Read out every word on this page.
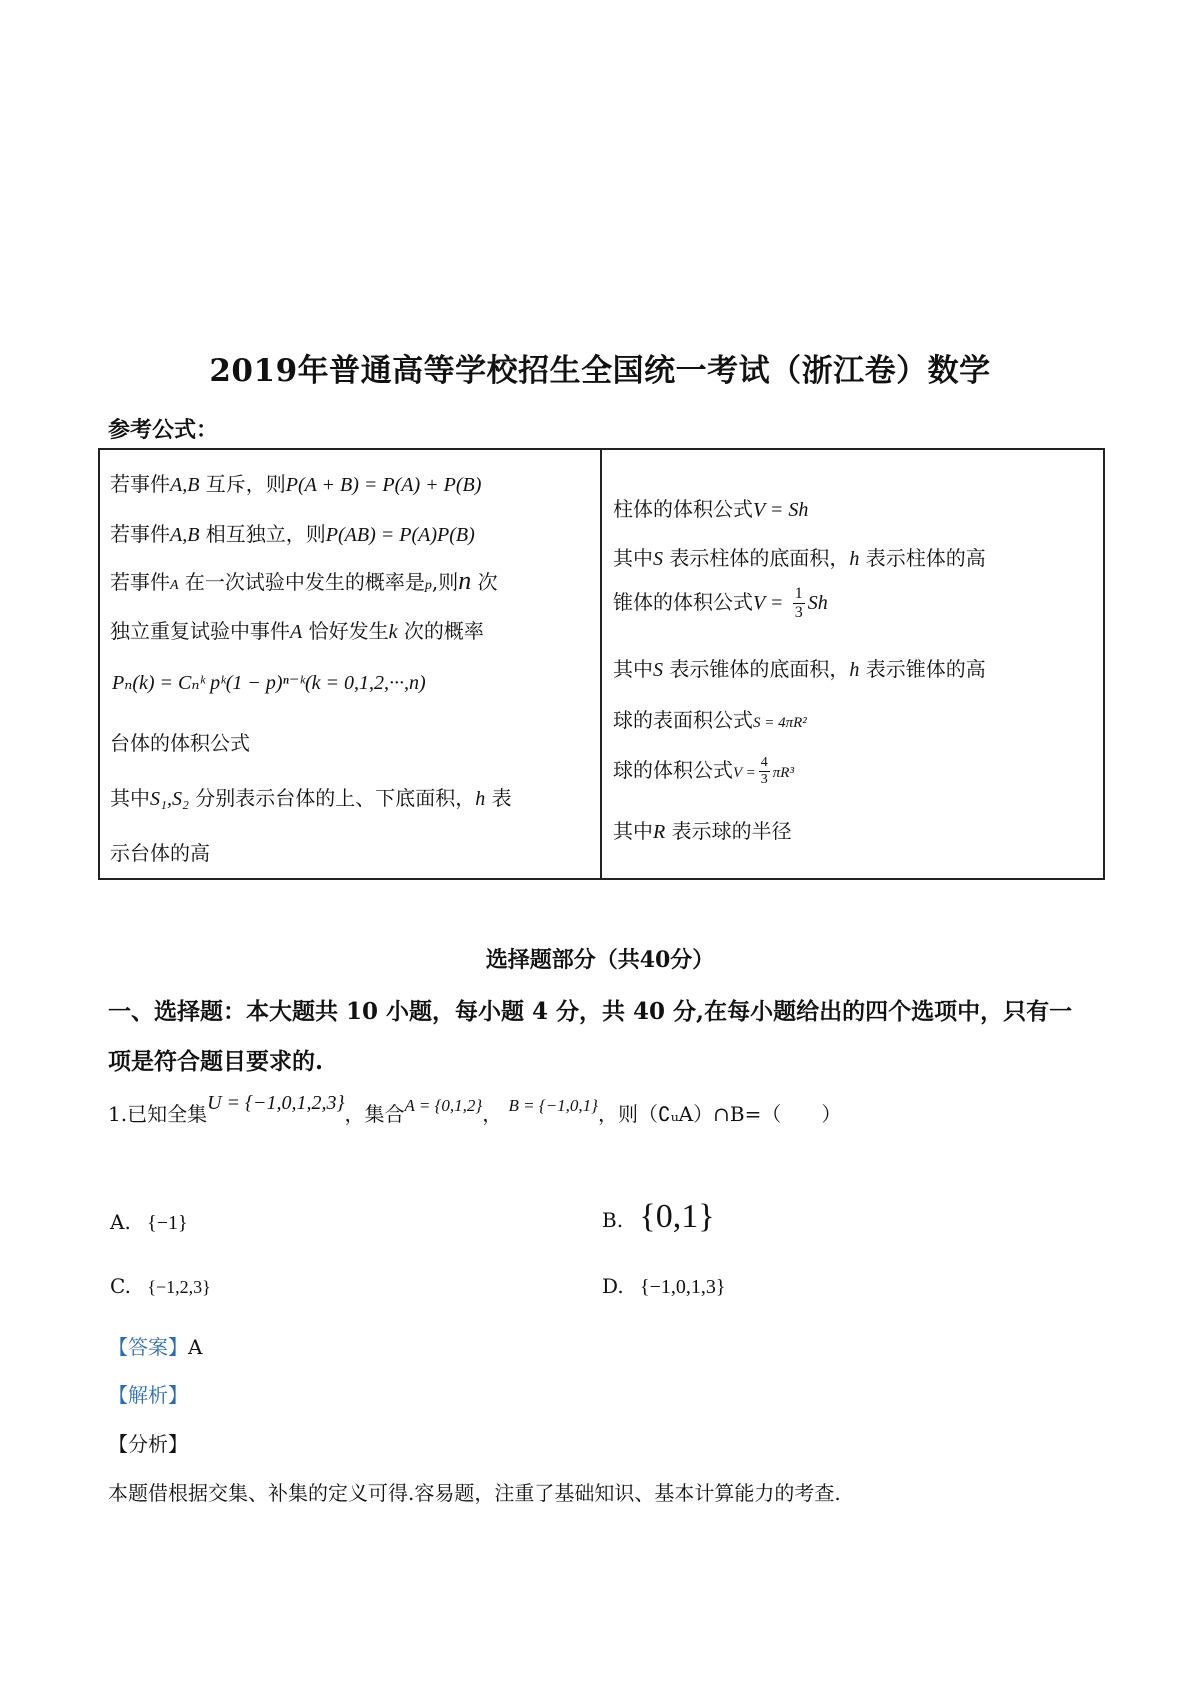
2019年普通高等学校招生全国统一考试（浙江卷）数学
参考公式：
若事件A,B 互斥，则P(A + B) = P(A) + P(B)
若事件A,B 相互独立，则P(AB) = P(A)P(B)
若事件A 在一次试验中发生的概率是p,则n 次
独立重复试验中事件A 恰好发生k 次的概率
Pₙ(k) = Cₙᵏ pᵏ(1 − p)ⁿ⁻ᵏ(k = 0,1,2,···,n)
台体的体积公式
其中S₁,S₂ 分别表示台体的上、下底面积，h 表
示台体的高
柱体的体积公式V = Sh
其中S 表示柱体的底面积，h 表示柱体的高
锥体的体积公式$V = \frac{1}{3}$ Sh
其中S 表示锥体的底面积，h 表示锥体的高
球的表面积公式S = 4πR²
球的体积公式$V = \frac{4}{3} \pi R^3$
其中R 表示球的半径
选择题部分（共40分）
一、选择题：本大题共 10 小题，每小题 4 分，共 40 分,在每小题给出的四个选项中，只有一
项是符合题目要求的.
1.已知全集U = {−1,0,1,2,3}，集合$^{A = \{0,1,2\}}$， $^{B = \{-1,0,1\}}$，则（∁ᵤA）∩B=（　　）
A. {−1}	B. {0,1}
C. {−1,2,3}	D. {−1,0,1,3}
【答案】A
【解析】
【分析】
本题借根据交集、补集的定义可得.容易题，注重了基础知识、基本计算能力的考查.
